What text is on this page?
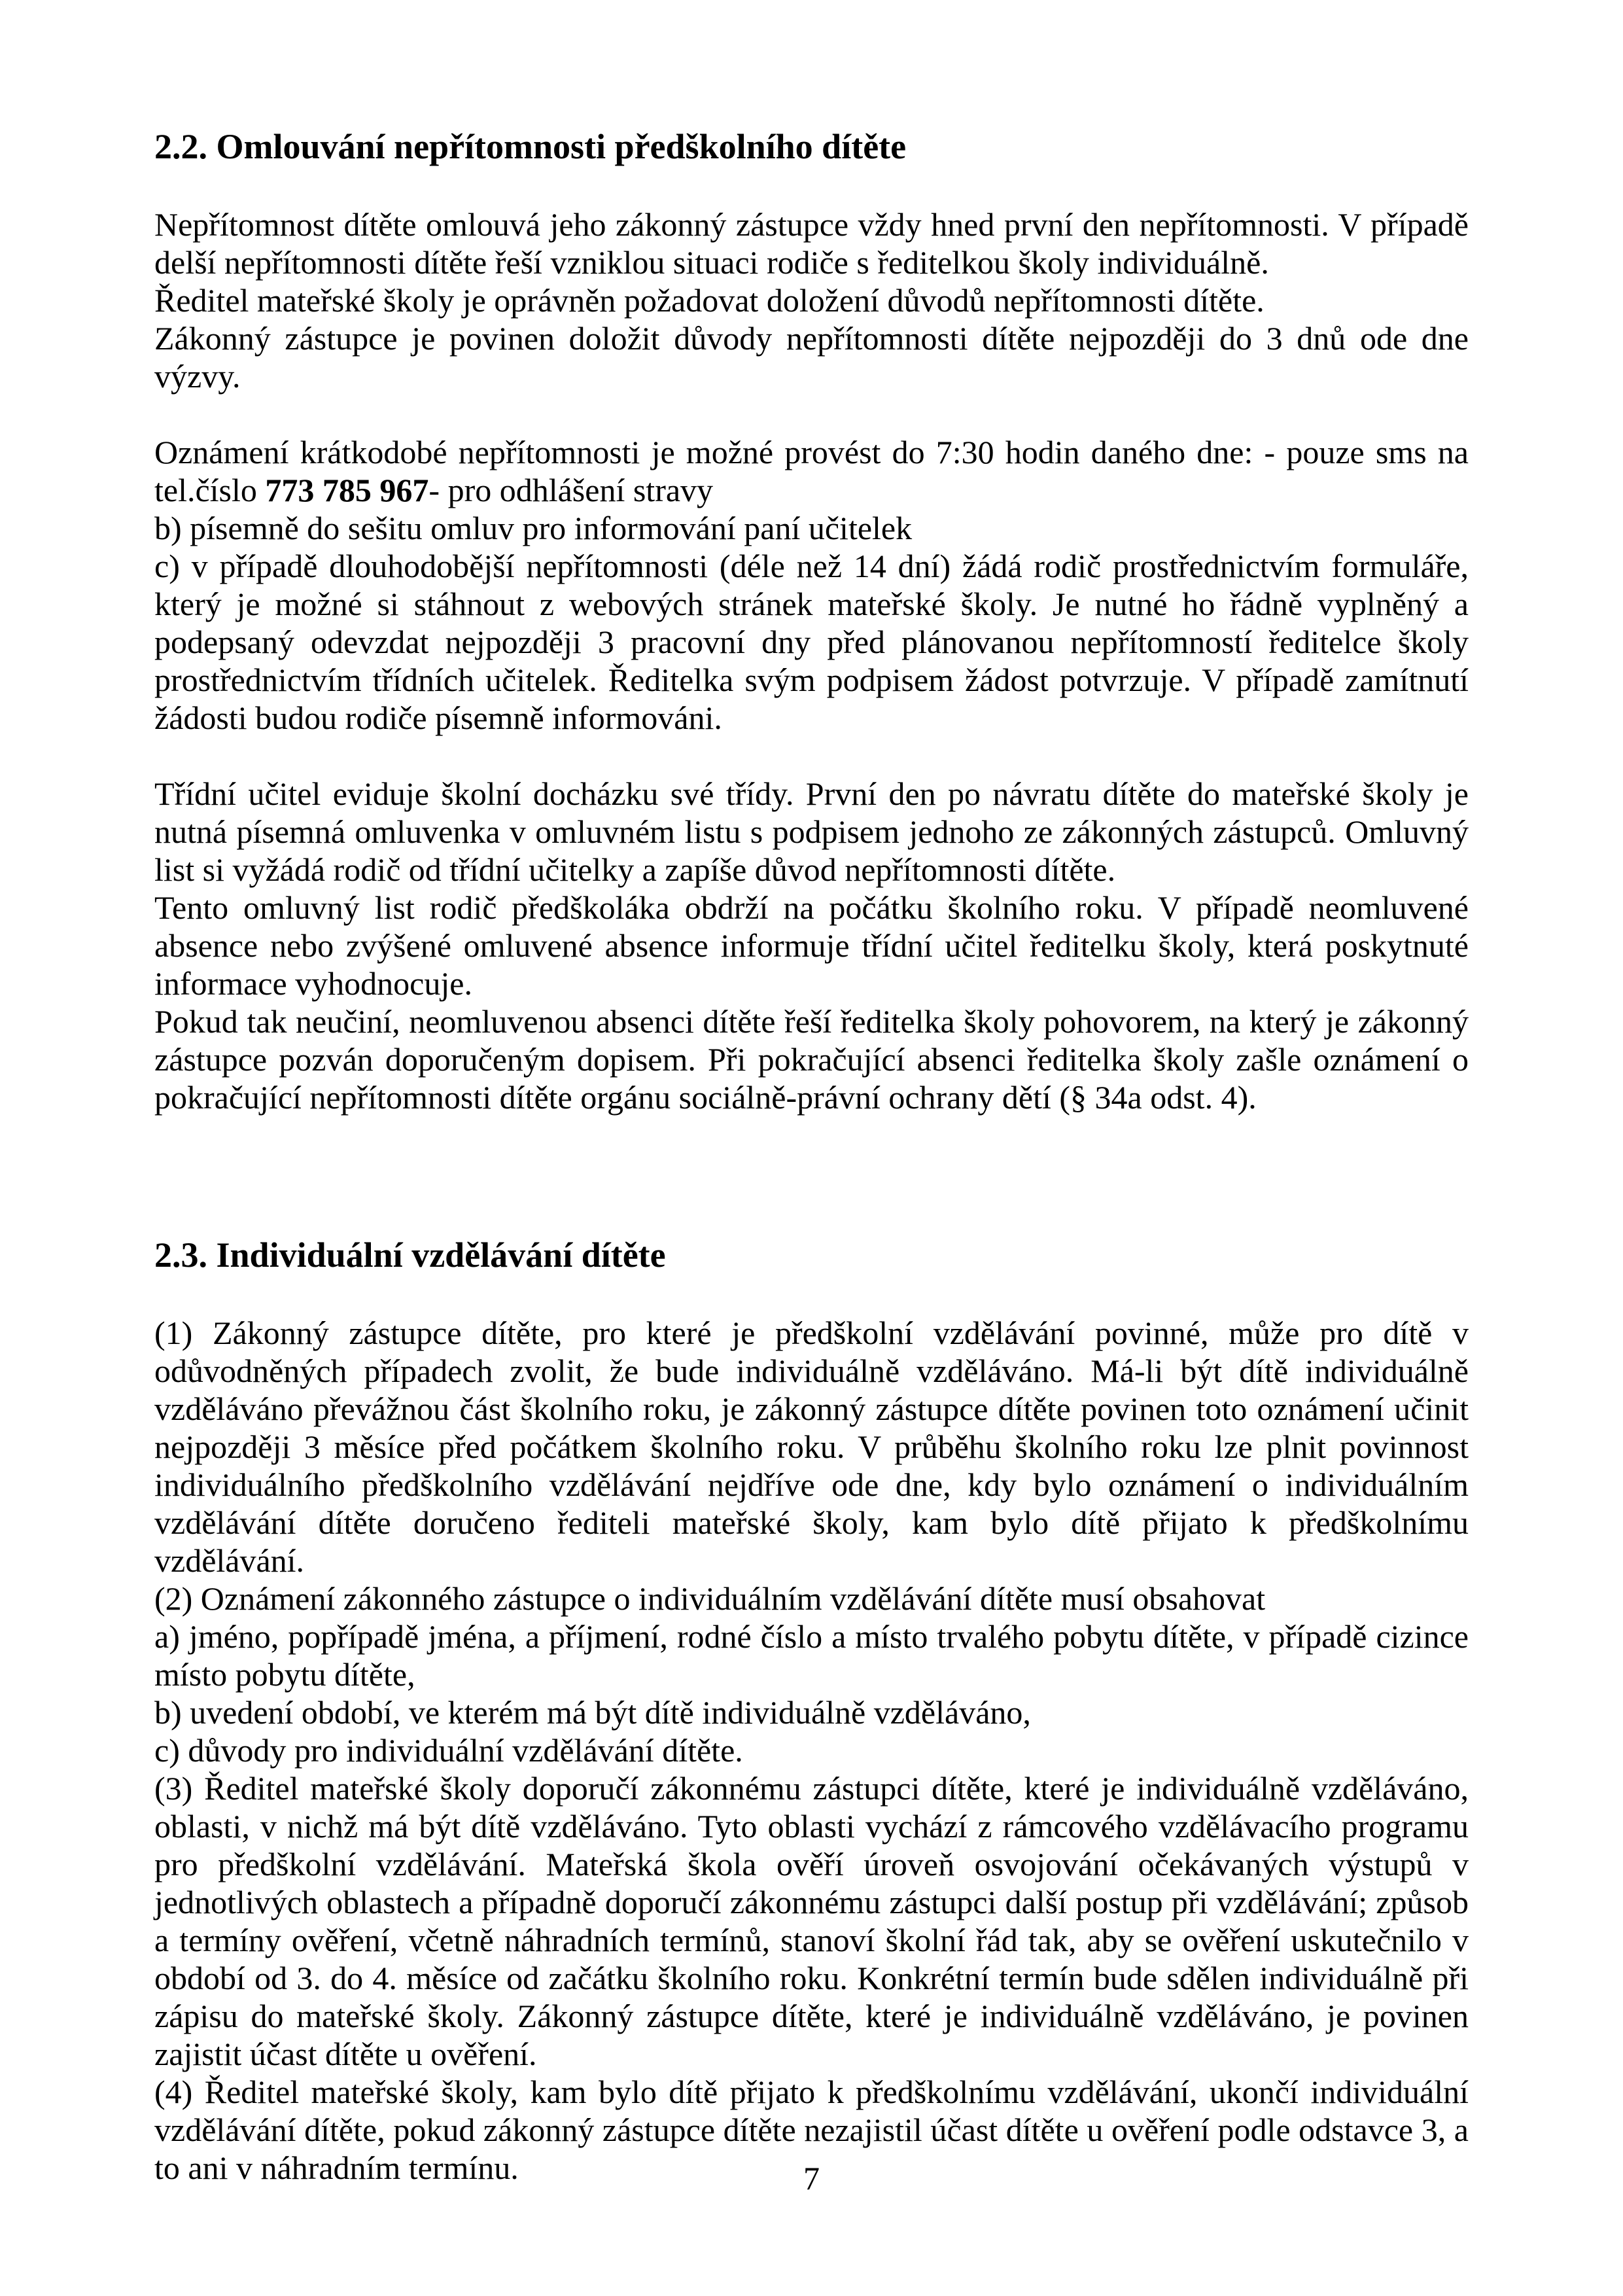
2.2. Omlouvání nepřítomnosti předškolního dítěte

Nepřítomnost dítěte omlouvá jeho zákonný zástupce vždy hned první den nepřítomnosti. V případě delší nepřítomnosti dítěte řeší vzniklou situaci rodiče s ředitelkou školy individuálně.
Ředitel mateřské školy je oprávněn požadovat doložení důvodů nepřítomnosti dítěte.
Zákonný zástupce je povinen doložit důvody nepřítomnosti dítěte nejpozději do 3 dnů ode dne výzvy.

Oznámení krátkodobé nepřítomnosti je možné provést do 7:30 hodin daného dne: - pouze sms na tel.číslo 773 785 967- pro odhlášení stravy
b) písemně do sešitu omluv pro informování paní učitelek
c) v případě dlouhodobější nepřítomnosti (déle než 14 dní) žádá rodič prostřednictvím formuláře, který je možné si stáhnout z webových stránek mateřské školy. Je nutné ho řádně vyplněný a podepsaný odevzdat nejpozději 3 pracovní dny před plánovanou nepřítomností ředitelce školy prostřednictvím třídních učitelek. Ředitelka svým podpisem žádost potvrzuje. V případě zamítnutí žádosti budou rodiče písemně informováni.

Třídní učitel eviduje školní docházku své třídy. První den po návratu dítěte do mateřské školy je nutná písemná omluvenka v omluvném listu s podpisem jednoho ze zákonných zástupců. Omluvný list si vyžádá rodič od třídní učitelky a zapíše důvod nepřítomnosti dítěte.
Tento omluvný list rodič předškoláka obdrží na počátku školního roku. V případě neomluvené absence nebo zvýšené omluvené absence informuje třídní učitel ředitelku školy, která poskytnuté informace vyhodnocuje.
Pokud tak neučiní, neomluvenou absenci dítěte řeší ředitelka školy pohovorem, na který je zákonný zástupce pozván doporučeným dopisem. Při pokračující absenci ředitelka školy zašle oznámení o pokračující nepřítomnosti dítěte orgánu sociálně-právní ochrany dětí (§ 34a odst. 4).

2.3. Individuální vzdělávání dítěte

(1) Zákonný zástupce dítěte, pro které je předškolní vzdělávání povinné, může pro dítě v odůvodněných případech zvolit, že bude individuálně vzděláváno. Má-li být dítě individuálně vzděláváno převážnou část školního roku, je zákonný zástupce dítěte povinen toto oznámení učinit nejpozději 3 měsíce před počátkem školního roku. V průběhu školního roku lze plnit povinnost individuálního předškolního vzdělávání nejdříve ode dne, kdy bylo oznámení o individuálním vzdělávání dítěte doručeno řediteli mateřské školy, kam bylo dítě přijato k předškolnímu vzdělávání.
(2) Oznámení zákonného zástupce o individuálním vzdělávání dítěte musí obsahovat
a) jméno, popřípadě jména, a příjmení, rodné číslo a místo trvalého pobytu dítěte, v případě cizince místo pobytu dítěte,
b) uvedení období, ve kterém má být dítě individuálně vzděláváno,
c) důvody pro individuální vzdělávání dítěte.
(3) Ředitel mateřské školy doporučí zákonnému zástupci dítěte, které je individuálně vzděláváno, oblasti, v nichž má být dítě vzděláváno. Tyto oblasti vychází z rámcového vzdělávacího programu pro předškolní vzdělávání. Mateřská škola ověří úroveň osvojování očekávaných výstupů v jednotlivých oblastech a případně doporučí zákonnému zástupci další postup při vzdělávání; způsob a termíny ověření, včetně náhradních termínů, stanoví školní řád tak, aby se ověření uskutečnilo v období od 3. do 4. měsíce od začátku školního roku. Konkrétní termín bude sdělen individuálně při zápisu do mateřské školy. Zákonný zástupce dítěte, které je individuálně vzděláváno, je povinen zajistit účast dítěte u ověření.
(4) Ředitel mateřské školy, kam bylo dítě přijato k předškolnímu vzdělávání, ukončí individuální vzdělávání dítěte, pokud zákonný zástupce dítěte nezajistil účast dítěte u ověření podle odstavce 3, a to ani v náhradním termínu.	7
